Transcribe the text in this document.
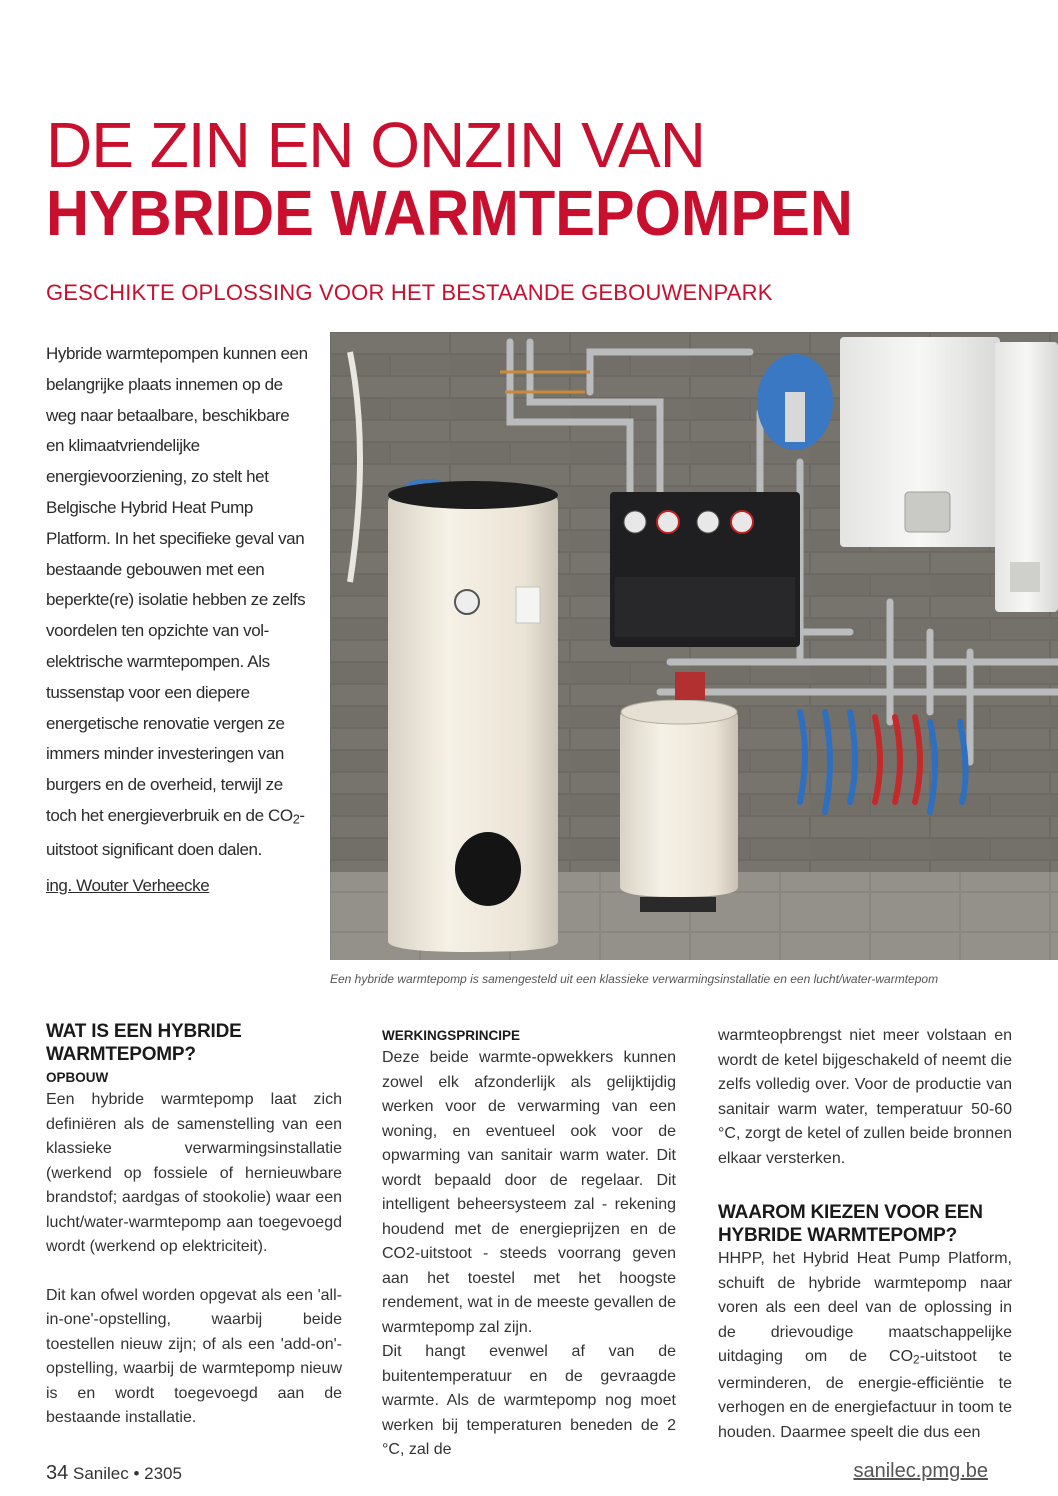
DE ZIN EN ONZIN VAN
HYBRIDE WARMTEPOMPEN
GESCHIKTE OPLOSSING VOOR HET BESTAANDE GEBOUWENPARK

Hybride warmtepompen kunnen een belangrijke plaats innemen op de weg naar betaalbare, beschikbare en klimaatvriendelijke energievoorziening, zo stelt het Belgische Hybrid Heat Pump Platform. In het specifieke geval van bestaande gebouwen met een beperkte(re) isolatie hebben ze zelfs voordelen ten opzichte van vol-elektrische warmtepompen. Als tussenstap voor een diepere energetische renovatie vergen ze immers minder investeringen van burgers en de overheid, terwijl ze toch het energieverbruik en de $CO_2$-uitstoot significant doen dalen.

ing. Wouter Verheecke
Een hybride warmtepomp is samengesteld uit een klassieke verwarmingsinstallatie en een lucht/water-warmtepom
WAT IS EEN HYBRIDE WARMTEPOMP?
OPBOUW

Een hybride warmtepomp laat zich definiëren als de samenstelling van een klassieke verwarmingsinstallatie (werkend op fossiele of hernieuwbare brandstof; aardgas of stookolie) waar een lucht/water-warmtepomp aan toegevoegd wordt (werkend op elektriciteit).

Dit kan ofwel worden opgevat als een 'all-in-one'-opstelling, waarbij beide toestellen nieuw zijn; of als een 'add-on'-opstelling, waarbij de warmtepomp nieuw is en wordt toegevoegd aan de bestaande installatie.

WERKINGSPRINCIPE

Deze beide warmte-opwekkers kunnen zowel elk afzonderlijk als gelijktijdig werken voor de verwarming van een woning, en eventueel ook voor de opwarming van sanitair warm water. Dit wordt bepaald door de regelaar. Dit intelligent beheersysteem zal - rekening houdend met de energieprijzen en de CO2-uitstoot - steeds voorrang geven aan het toestel met het hoogste rendement, wat in de meeste gevallen de warmtepomp zal zijn.

Dit hangt evenwel af van de buitentemperatuur en de gevraagde warmte. Als de warmtepomp nog moet werken bij temperaturen beneden de 2 °C, zal de

warmteopbrengst niet meer volstaan en wordt de ketel bijgeschakeld of neemt die zelfs volledig over. Voor de productie van sanitair warm water, temperatuur 50-60 °C, zorgt de ketel of zullen beide bronnen elkaar versterken.

WAAROM KIEZEN VOOR EEN HYBRIDE WARMTEPOMP?

HHPP, het Hybrid Heat Pump Platform, schuift de hybride warmtepomp naar voren als een deel van de oplossing in de drievoudige maatschappelijke uitdaging om de $CO_2$-uitstoot te verminderen, de energie-efficiëntie te verhogen en de energiefactuur in toom te houden. Daarmee speelt die dus een

34 Sanilec • 2305	sanilec.pmg.be
